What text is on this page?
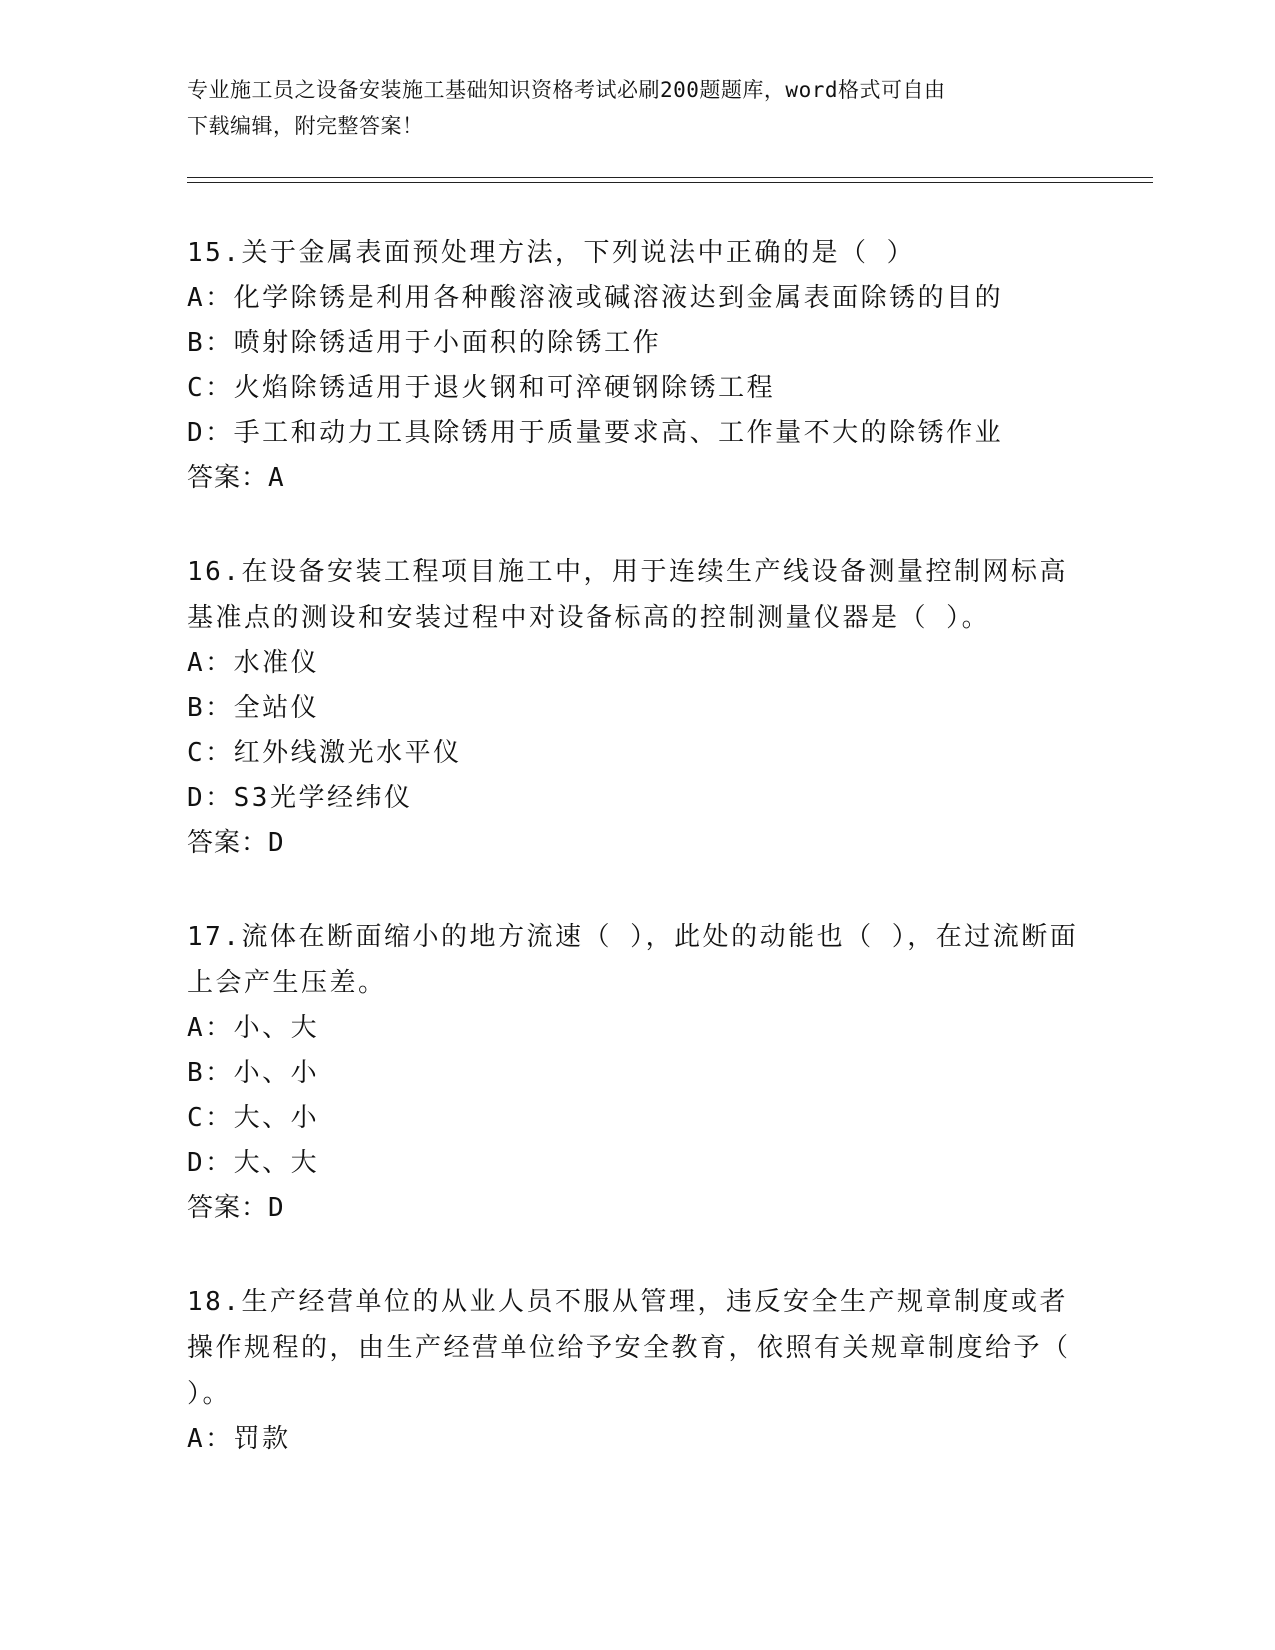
专业施工员之设备安装施工基础知识资格考试必刷200题题库，word格式可自由
下载编辑，附完整答案！

15.关于金属表面预处理方法，下列说法中正确的是（ ）

A：化学除锈是利用各种酸溶液或碱溶液达到金属表面除锈的目的

B：喷射除锈适用于小面积的除锈工作

C：火焰除锈适用于退火钢和可淬硬钢除锈工程

D：手工和动力工具除锈用于质量要求高、工作量不大的除锈作业

答案：A

16.在设备安装工程项目施工中，用于连续生产线设备测量控制网标高基准点的测设和安装过程中对设备标高的控制测量仪器是（ ）。

A：水准仪

B：全站仪

C：红外线激光水平仪

D：S3光学经纬仪

答案：D

17.流体在断面缩小的地方流速（ ），此处的动能也（ ），在过流断面上会产生压差。

A：小、大

B：小、小

C：大、小

D：大、大

答案：D

18.生产经营单位的从业人员不服从管理，违反安全生产规章制度或者操作规程的，由生产经营单位给予安全教育，依照有关规章制度给予（ ）。

A：罚款
